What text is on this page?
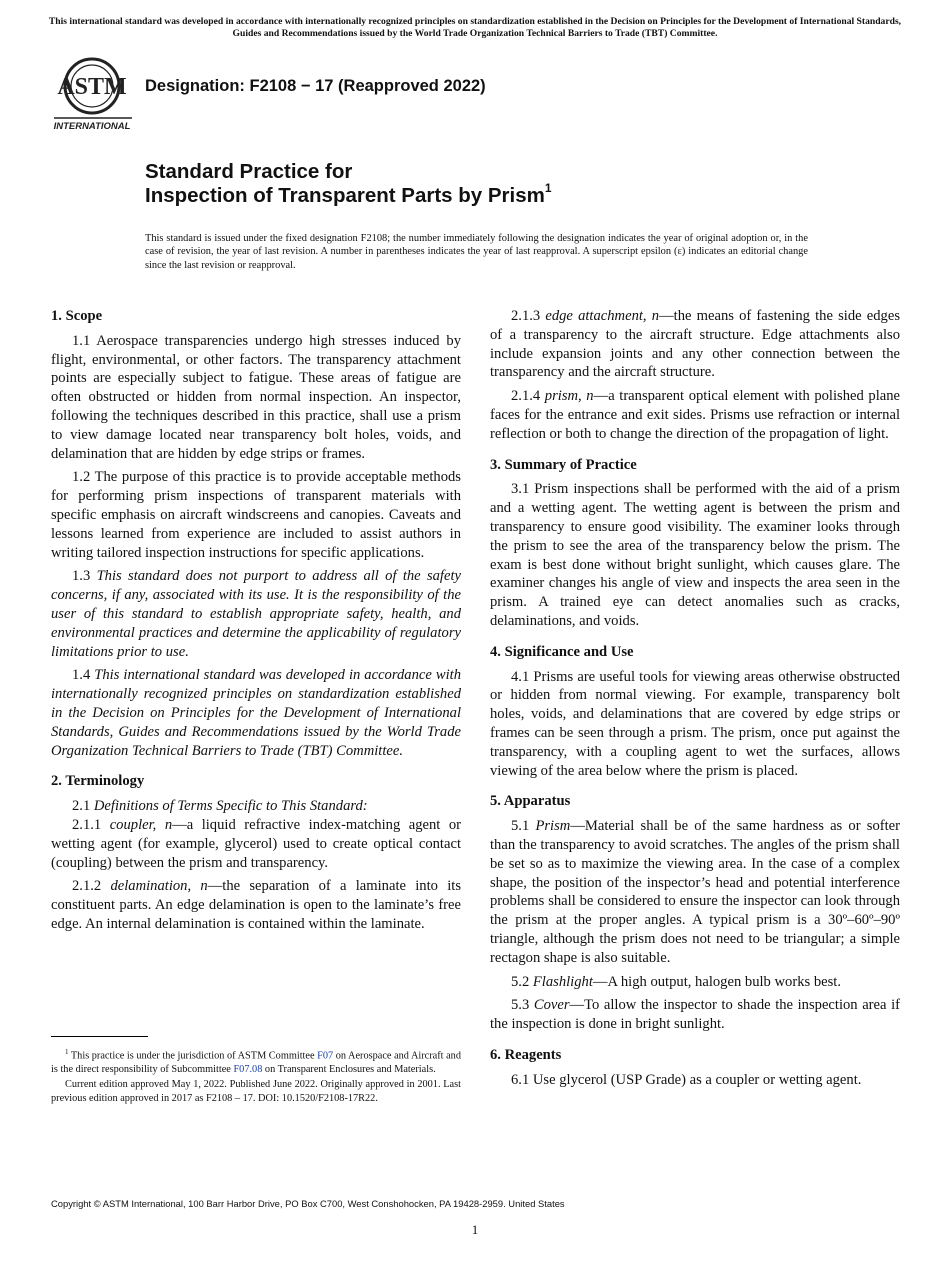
This international standard was developed in accordance with internationally recognized principles on standardization established in the Decision on Principles for the Development of International Standards, Guides and Recommendations issued by the World Trade Organization Technical Barriers to Trade (TBT) Committee.
ASTM
INTERNATIONAL
Designation: F2108 − 17 (Reapproved 2022)
Standard Practice for
Inspection of Transparent Parts by Prism$^1$
This standard is issued under the fixed designation F2108; the number immediately following the designation indicates the year of original adoption or, in the case of revision, the year of last revision. A number in parentheses indicates the year of last reapproval. A superscript epsilon (ε) indicates an editorial change since the last revision or reapproval.
1. Scope

1.1 Aerospace transparencies undergo high stresses induced by flight, environmental, or other factors. The transparency attachment points are especially subject to fatigue. These areas of fatigue are often obstructed or hidden from normal inspection. An inspector, following the techniques described in this practice, shall use a prism to view damage located near transparency bolt holes, voids, and delamination that are hidden by edge strips or frames.

1.2 The purpose of this practice is to provide acceptable methods for performing prism inspections of transparent materials with specific emphasis on aircraft windscreens and canopies. Caveats and lessons learned from experience are included to assist authors in writing tailored inspection instructions for specific applications.

1.3 This standard does not purport to address all of the safety concerns, if any, associated with its use. It is the responsibility of the user of this standard to establish appropriate safety, health, and environmental practices and determine the applicability of regulatory limitations prior to use.

1.4 This international standard was developed in accordance with internationally recognized principles on standardization established in the Decision on Principles for the Development of International Standards, Guides and Recommendations issued by the World Trade Organization Technical Barriers to Trade (TBT) Committee.

2. Terminology

2.1 Definitions of Terms Specific to This Standard:

2.1.1 coupler, n—a liquid refractive index-matching agent or wetting agent (for example, glycerol) used to create optical contact (coupling) between the prism and transparency.

2.1.2 delamination, n—the separation of a laminate into its constituent parts. An edge delamination is open to the laminate’s free edge. An internal delamination is contained within the laminate.

2.1.3 edge attachment, n—the means of fastening the side edges of a transparency to the aircraft structure. Edge attachments also include expansion joints and any other connection between the transparency and the aircraft structure.

2.1.4 prism, n—a transparent optical element with polished plane faces for the entrance and exit sides. Prisms use refraction or internal reflection or both to change the direction of the propagation of light.

3. Summary of Practice

3.1 Prism inspections shall be performed with the aid of a prism and a wetting agent. The wetting agent is between the prism and transparency to ensure good visibility. The examiner looks through the prism to see the area of the transparency below the prism. The exam is best done without bright sunlight, which causes glare. The examiner changes his angle of view and inspects the area seen in the prism. A trained eye can detect anomalies such as cracks, delaminations, and voids.

4. Significance and Use

4.1 Prisms are useful tools for viewing areas otherwise obstructed or hidden from normal viewing. For example, transparency bolt holes, voids, and delaminations that are covered by edge strips or frames can be seen through a prism. The prism, once put against the transparency, with a coupling agent to wet the surfaces, allows viewing of the area below where the prism is placed.

5. Apparatus

5.1 Prism—Material shall be of the same hardness as or softer than the transparency to avoid scratches. The angles of the prism shall be set so as to maximize the viewing area. In the case of a complex shape, the position of the inspector’s head and potential interference problems shall be considered to ensure the inspector can look through the prism at the proper angles. A typical prism is a 30º–60º–90º triangle, although the prism does not need to be triangular; a simple rectagon shape is also suitable.

5.2 Flashlight—A high output, halogen bulb works best.

5.3 Cover—To allow the inspector to shade the inspection area if the inspection is done in bright sunlight.

6. Reagents

6.1 Use glycerol (USP Grade) as a coupler or wetting agent.

$^1$ This practice is under the jurisdiction of ASTM Committee F07 on Aerospace and Aircraft and is the direct responsibility of Subcommittee F07.08 on Transparent Enclosures and Materials.

Current edition approved May 1, 2022. Published June 2022. Originally approved in 2001. Last previous edition approved in 2017 as F2108 – 17. DOI: 10.1520/F2108-17R22.

Copyright © ASTM International, 100 Barr Harbor Drive, PO Box C700, West Conshohocken, PA 19428-2959. United States
1
